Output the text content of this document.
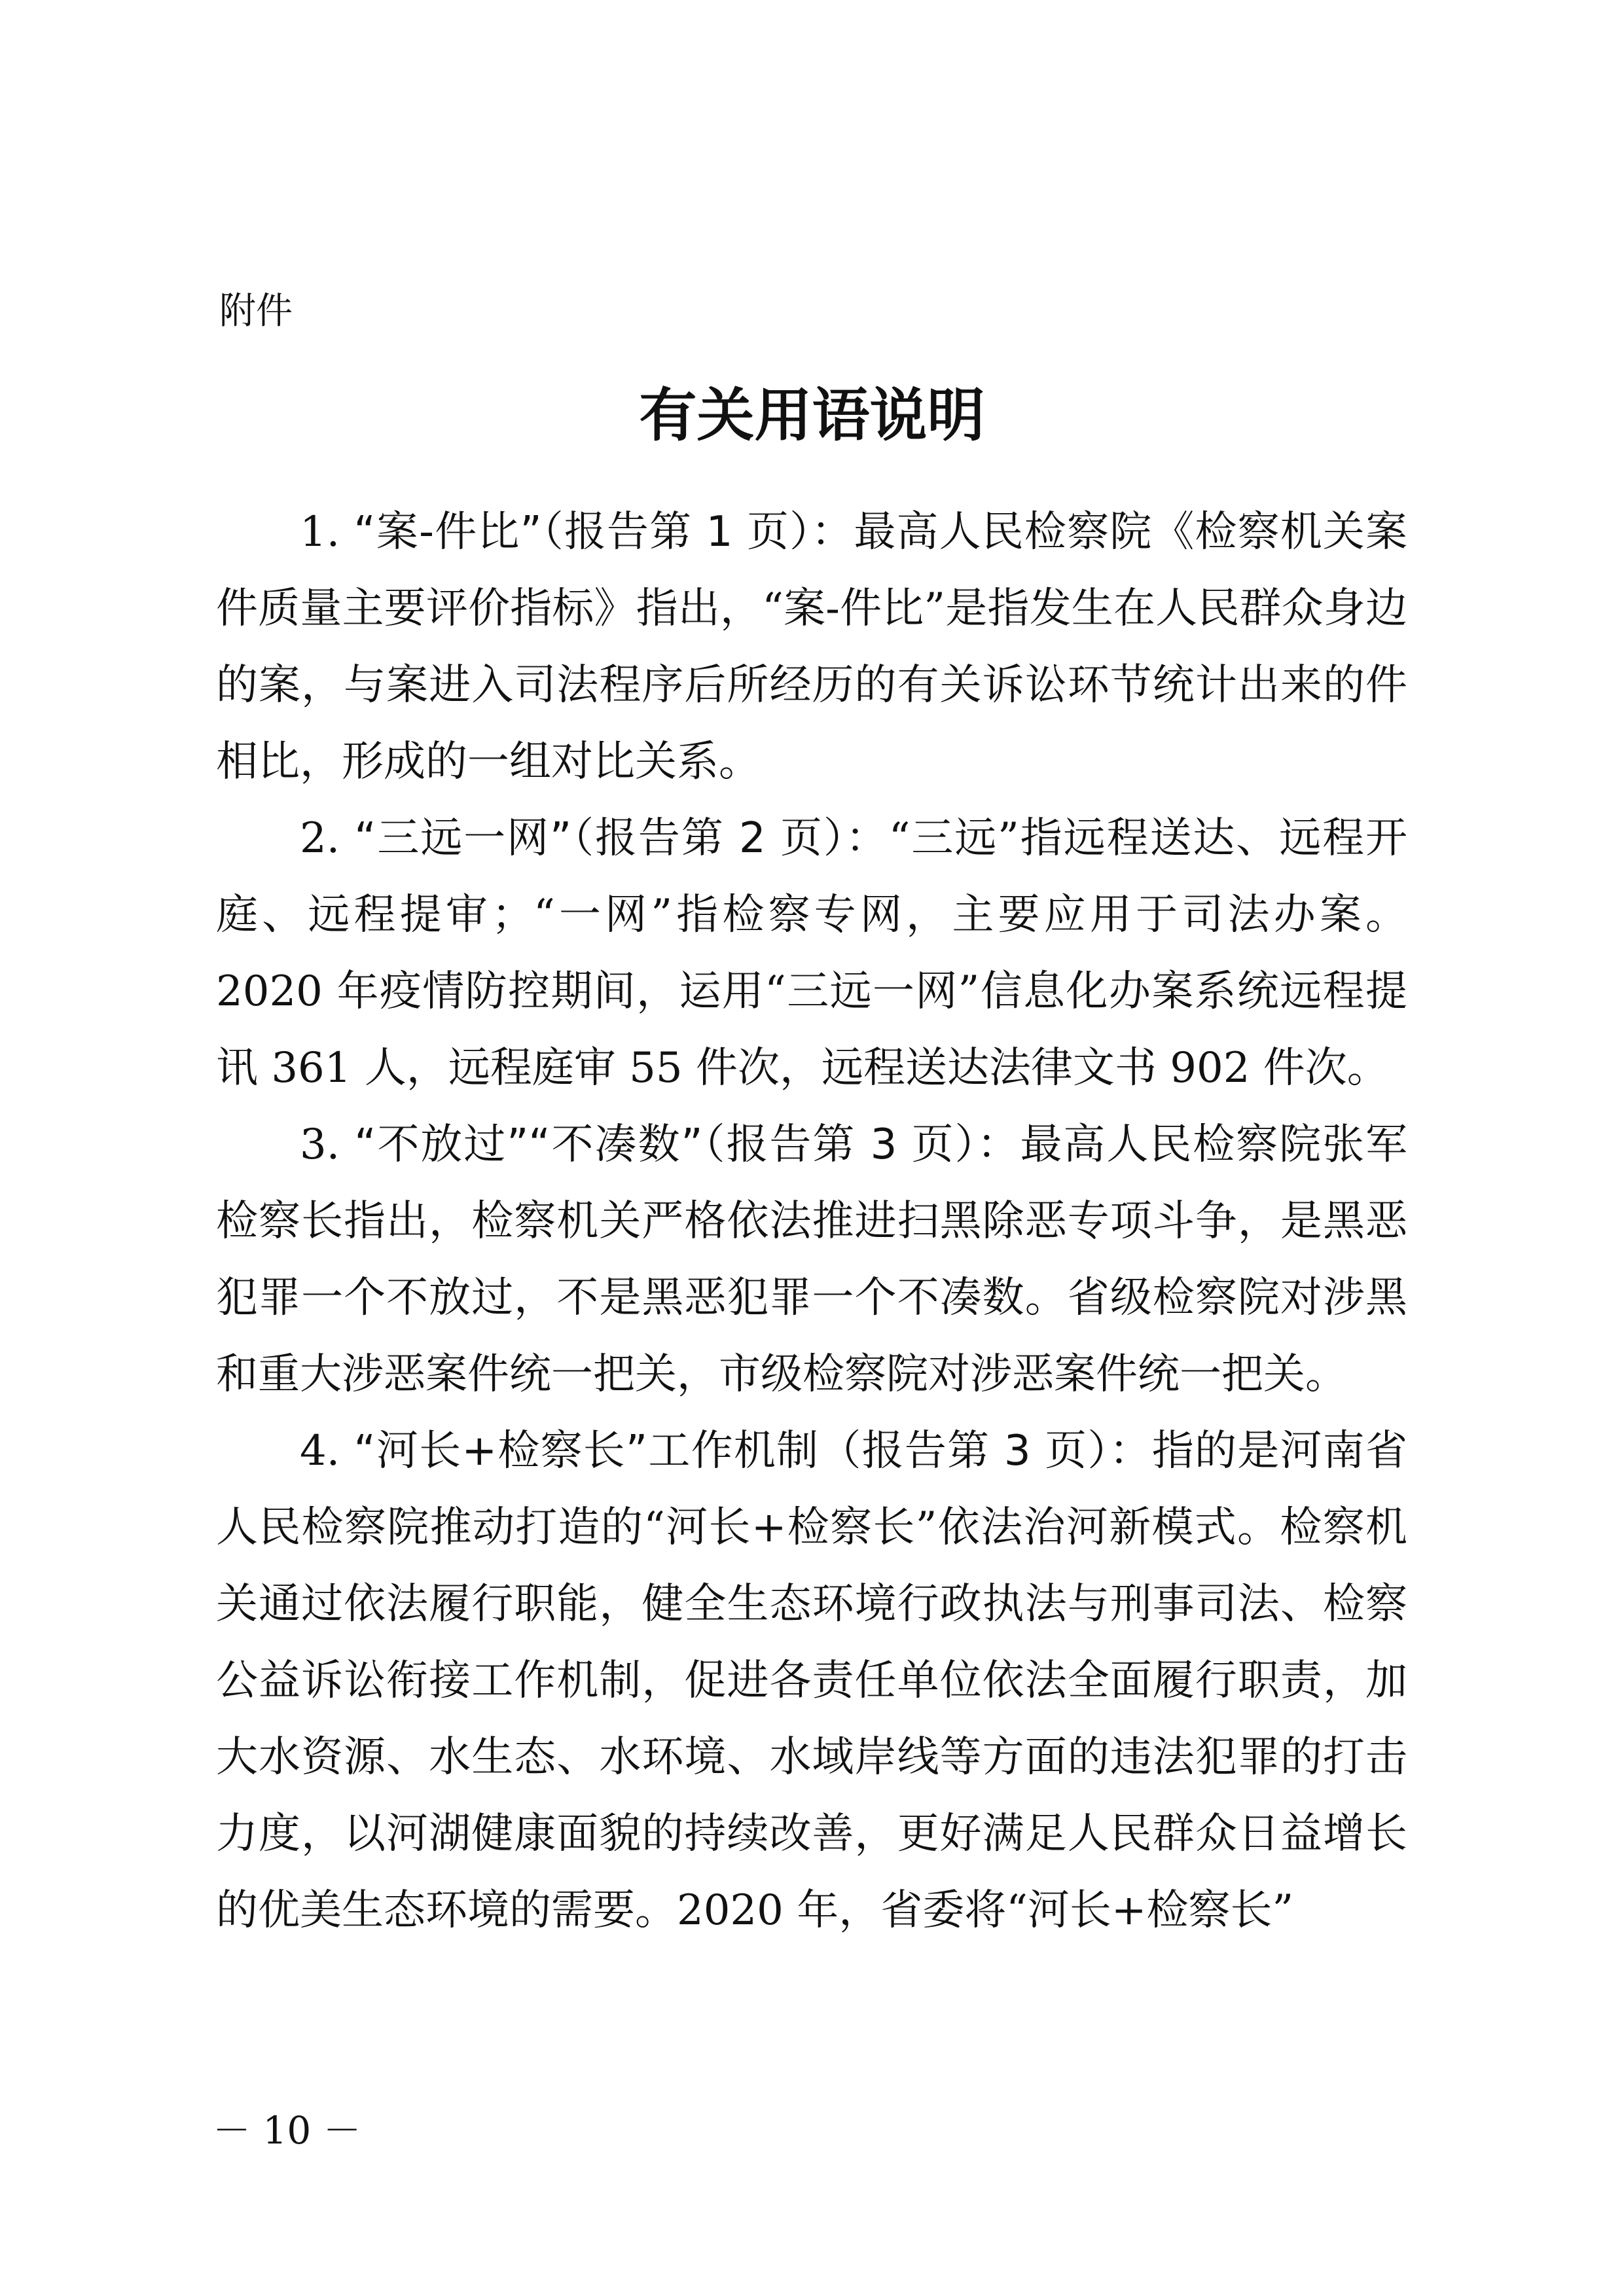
附件
有关用语说明

1. “案-件比”（报告第 1 页）：最高人民检察院《检察机关案件质量主要评价指标》指出，“案-件比”是指发生在人民群众身边的案，与案进入司法程序后所经历的有关诉讼环节统计出来的件相比，形成的一组对比关系。

2. “三远一网”（报告第 2 页）：“三远”指远程送达、远程开庭、远程提审；“一网”指检察专网，主要应用于司法办案。2020 年疫情防控期间，运用“三远一网”信息化办案系统远程提讯 361 人，远程庭审 55 件次，远程送达法律文书 902 件次。

3. “不放过”“不凑数”（报告第 3 页）：最高人民检察院张军检察长指出，检察机关严格依法推进扫黑除恶专项斗争，是黑恶犯罪一个不放过，不是黑恶犯罪一个不凑数。省级检察院对涉黑和重大涉恶案件统一把关，市级检察院对涉恶案件统一把关。

4. “河长+检察长”工作机制（报告第 3 页）：指的是河南省人民检察院推动打造的“河长+检察长”依法治河新模式。检察机关通过依法履行职能，健全生态环境行政执法与刑事司法、检察公益诉讼衔接工作机制，促进各责任单位依法全面履行职责，加大水资源、水生态、水环境、水域岸线等方面的违法犯罪的打击力度，以河湖健康面貌的持续改善，更好满足人民群众日益增长的优美生态环境的需要。2020 年，省委将“河长+检察长”

－ 10 －
